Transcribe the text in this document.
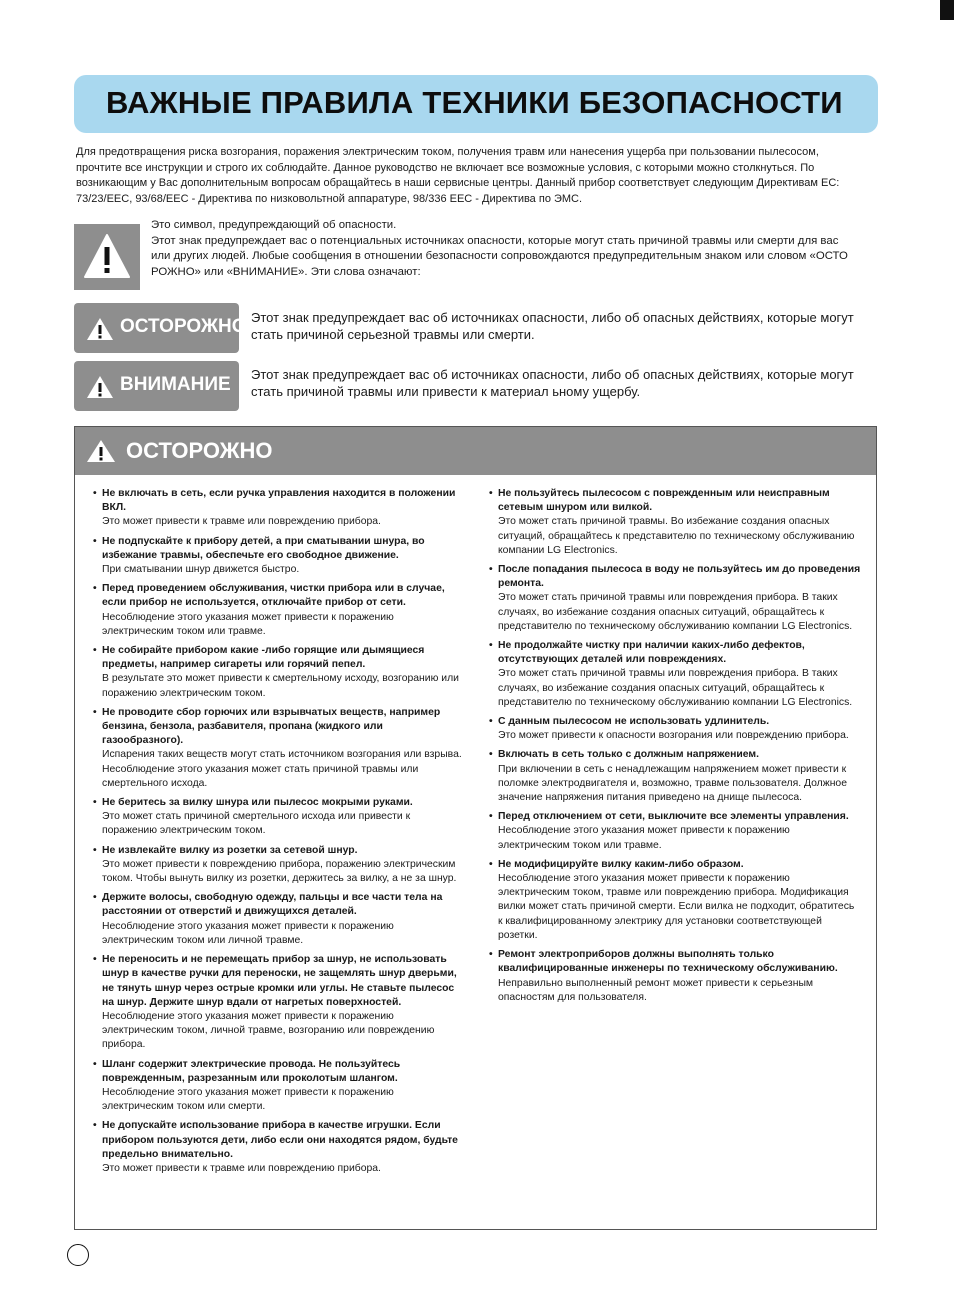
ВАЖНЫЕ ПРАВИЛА ТЕХНИКИ БЕЗОПАСНОСТИ
Для предотвращения риска возгорания, поражения электрическим током, получения травм или нанесения ущерба при пользовании пылесосом, прочтите все инструкции и строго их соблюдайте. Данное руководство не включает все возможные условия, с которыми можно столкнуться. По возникающим у Вас дополнительным вопросам обращайтесь в наши сервисные центры. Данный прибор соответствует следующим Директивам ЕС: 73/23/EEC, 93/68/EEC - Директива по низковольтной аппаратуре, 98/336 EEC - Директива по ЭМС.
Это символ, предупреждающий об опасности.
Этот знак предупреждает вас о потенциальных источниках опасности, которые могут стать причиной травмы или смерти для вас или других людей. Любые сообщения в отношении безопасности сопровождаются предупредительным знаком или словом «ОСТО РОЖНО» или «ВНИМАНИЕ». Эти слова означают:
ОСТОРОЖНО Этот знак предупреждает вас об источниках опасности, либо об опасных действиях, которые могут стать причиной серьезной травмы или смерти.
ВНИМАНИЕ Этот знак предупреждает вас об источниках опасности, либо об опасных действиях, которые могут стать причиной травмы или привести к материал ьному ущербу.
ОСТОРОЖНО
• Не включать в сеть, если ручка управления находится в положении ВКЛ.
Это может привести к травме или повреждению прибора.
• Не подпускайте к прибору детей, а при сматывании шнура, во избежание травмы, обеспечьте его свободное движение.
При сматывании шнур движется быстро.
• Перед проведением обслуживания, чистки прибора или в случае, если прибор не используется, отключайте прибор от сети.
Несоблюдение этого указания может привести к поражению электрическим током или травме.
• Не собирайте прибором какие -либо горящие или дымящиеся предметы, например сигареты или горячий пепел.
В результате это может привести к смертельному исходу, возгоранию или поражению электрическим током.
• Не проводите сбор горючих или взрывчатых веществ, например бензина, бензола, разбавителя, пропана (жидкого или газообразного).
Испарения таких веществ могут стать источником возгорания или взрыва. Несоблюдение этого указания может стать причиной травмы или смертельного исхода.
• Не беритесь за вилку шнура или пылесос мокрыми руками.
Это может стать причиной смертельного исхода или привести к поражению электрическим током.
• Не извлекайте вилку из розетки за сетевой шнур.
Это может привести к повреждению прибора, поражению электрическим током. Чтобы вынуть вилку из розетки, держитесь за вилку, а не за шнур.
• Держите волосы, свободную одежду, пальцы и все части тела на расстоянии от отверстий и движущихся деталей.
Несоблюдение этого указания может привести к поражению электрическим током или личной травме.
• Не переносить и не перемещать прибор за шнур, не использовать шнур в качестве ручки для переноски, не защемлять шнур дверьми, не тянуть шнур через острые кромки или углы. Не ставьте пылесос на шнур. Держите шнур вдали от нагретых поверхностей.
Несоблюдение этого указания может привести к поражению электрическим током, личной травме, возгоранию или повреждению прибора.
• Шланг содержит электрические провода. Не пользуйтесь поврежденным, разрезанным или проколотым шлангом.
Несоблюдение этого указания может привести к поражению электрическим током или смерти.
• Не допускайте использование прибора в качестве игрушки. Если прибором пользуются дети, либо если они находятся рядом, будьте предельно внимательно.
Это может привести к травме или повреждению прибора.
• Не пользуйтесь пылесосом с поврежденным или неисправным сетевым шнуром или вилкой.
Это может стать причиной травмы. Во избежание создания опасных ситуаций, обращайтесь к представителю по техническому обслуживанию компании LG Electronics.
• После попадания пылесоса в воду не пользуйтесь им до проведения ремонта.
Это может стать причиной травмы или повреждения прибора. В таких случаях, во избежание создания опасных ситуаций, обращайтесь к представителю по техническому обслуживанию компании LG Electronics.
• Не продолжайте чистку при наличии каких-либо дефектов, отсутствующих деталей или повреждениях.
Это может стать причиной травмы или повреждения прибора. В таких случаях, во избежание создания опасных ситуаций, обращайтесь к представителю по техническому обслуживанию компании LG Electronics.
• С данным пылесосом не использовать удлинитель.
Это может привести к опасности возгорания или повреждению прибора.
• Включать в сеть только с должным напряжением.
При включении в сеть с ненадлежащим напряжением может привести к поломке электродвигателя и, возможно, травме пользователя. Должное значение напряжения питания приведено на днище пылесоса.
• Перед отключением от сети, выключите все элементы управления.
Несоблюдение этого указания может привести к поражению электрическим током или травме.
• Не модифицируйте вилку каким-либо образом.
Несоблюдение этого указания может привести к поражению электрическим током, травме или повреждению прибора. Модификация вилки может стать причиной смерти. Если вилка не подходит, обратитесь к квалифицированному электрику для установки соответствующей розетки.
• Ремонт электроприборов должны выполнять только квалифицированные инженеры по техническому обслуживанию.
Неправильно выполненный ремонт может привести к серьезным опасностям для пользователя.
